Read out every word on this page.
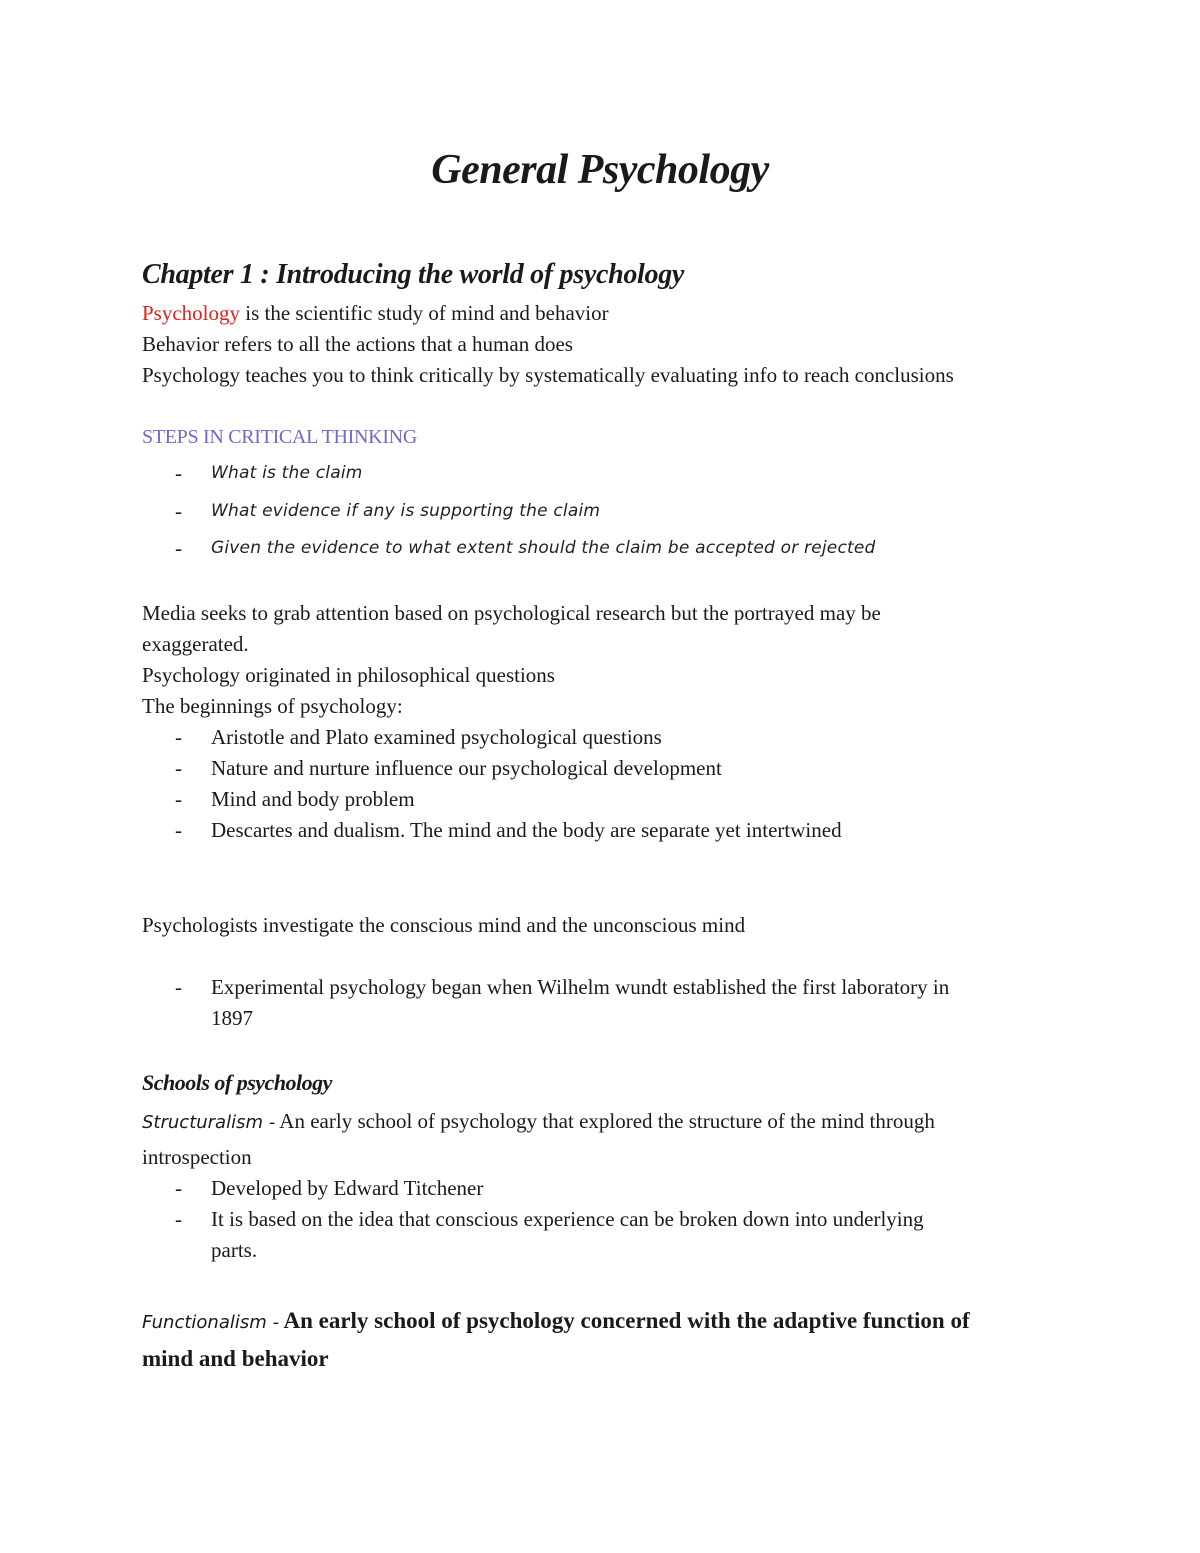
General Psychology
Chapter 1 : Introducing the world of psychology
Psychology is the scientific study of mind and behavior
Behavior refers to all the actions that a human does
Psychology teaches you to think critically by systematically evaluating info to reach conclusions
STEPS IN CRITICAL THINKING
- What is the claim
- What evidence if any is supporting the claim
- Given the evidence to what extent should the claim be accepted or rejected
Media seeks to grab attention based on psychological research but the portrayed may be
exaggerated.
Psychology originated in philosophical questions
The beginnings of psychology:
- Aristotle and Plato examined psychological questions
- Nature and nurture influence our psychological development
- Mind and body problem
- Descartes and dualism. The mind and the body are separate yet intertwined
Psychologists investigate the conscious mind and the unconscious mind
- Experimental psychology began when Wilhelm wundt established the first laboratory in
1897
Schools of psychology
Structuralism - An early school of psychology that explored the structure of the mind through
introspection
- Developed by Edward Titchener
- It is based on the idea that conscious experience can be broken down into underlying
parts.
Functionalism - An early school of psychology concerned with the adaptive function of
mind and behavior
